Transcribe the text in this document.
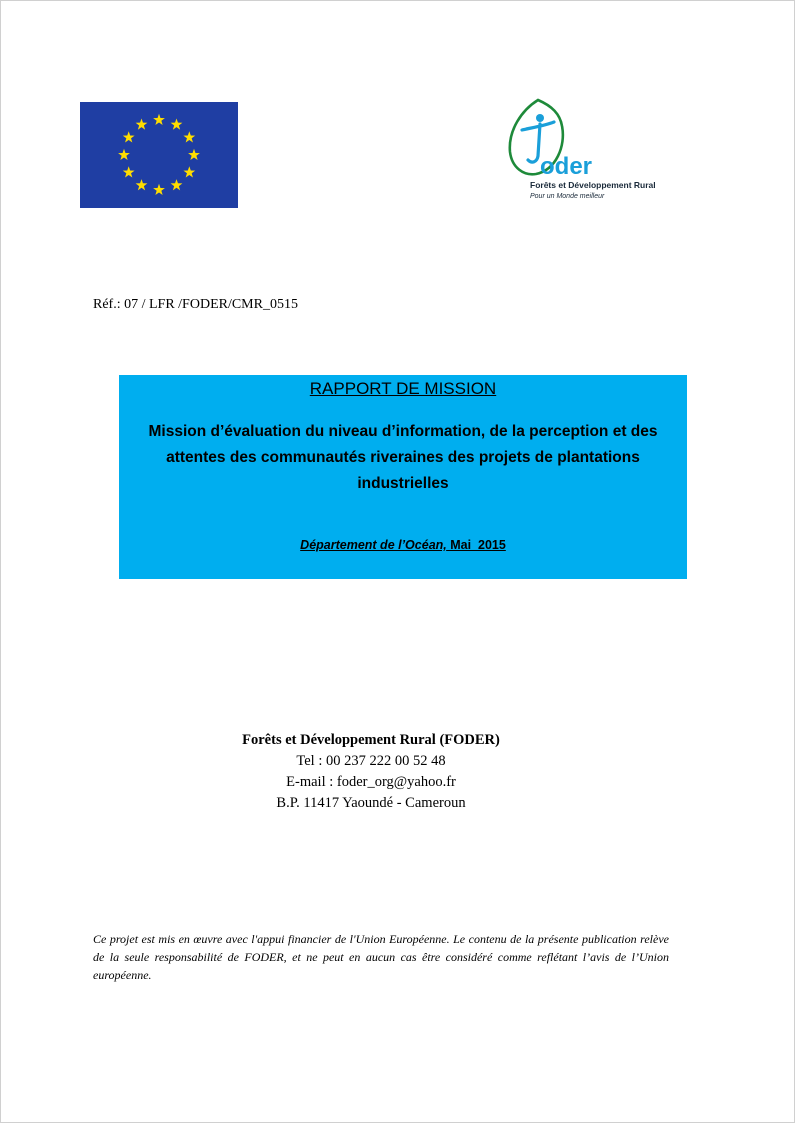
oder
Forêts et Développement Rural
Pour un Monde meilleur
Réf.: 07 / LFR /FODER/CMR_0515
RAPPORT DE MISSION
Mission d’évaluation du niveau d’information, de la perception et des attentes des communautés riveraines des projets de plantations industrielles
Département de l’Océan, Mai  2015
Forêts et Développement Rural (FODER)
Tel : 00 237 222 00 52 48
E-mail : foder_org@yahoo.fr
B.P. 11417 Yaoundé - Cameroun
Ce projet est mis en œuvre avec l'appui financier de l'Union Européenne. Le contenu de la présente publication relève de la seule responsabilité de FODER, et ne peut en aucun cas être considéré comme reflétant l’avis de l’Union européenne.
